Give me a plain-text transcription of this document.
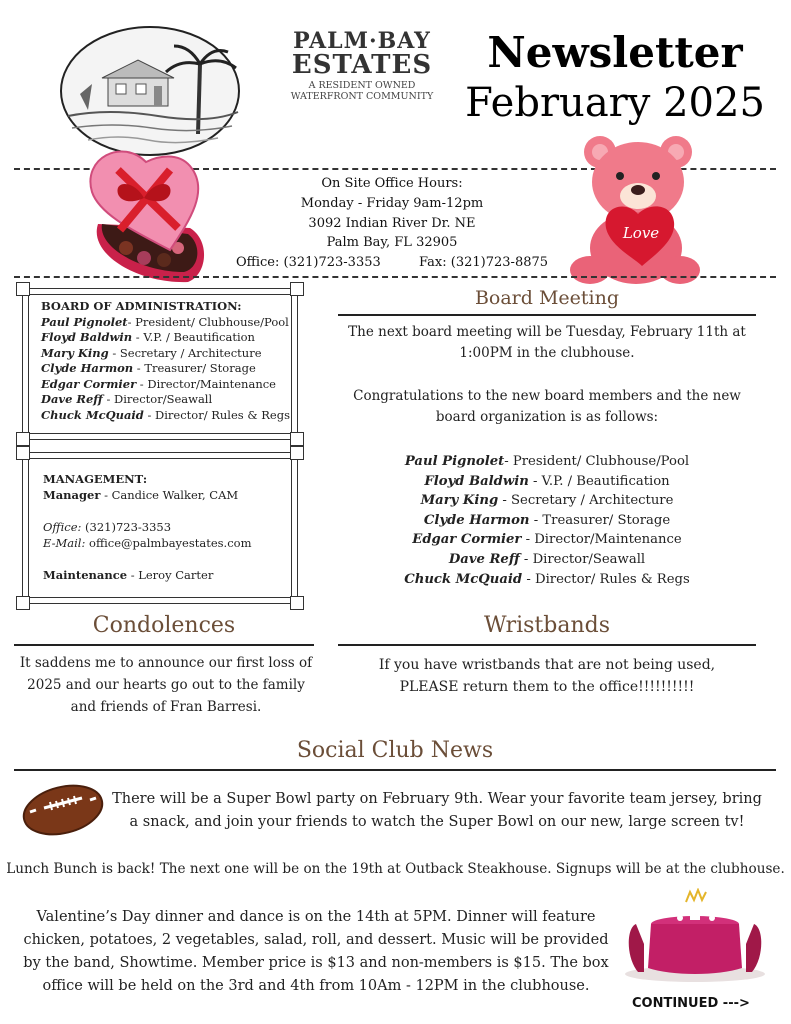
PALM·BAY
ESTATES
A RESIDENT OWNED
WATERFRONT COMMUNITY
Newsletter
February 2025
Love
On Site Office Hours:
Monday - Friday 9am-12pm
3092 Indian River Dr. NE
Palm Bay, FL 32905
Office: (321)723-3353	Fax: (321)723-8875
BOARD OF ADMINISTRATION:
Paul Pignolet- President/ Clubhouse/Pool
Floyd Baldwin - V.P. / Beautification
Mary King - Secretary / Architecture
Clyde Harmon - Treasurer/ Storage
Edgar Cormier - Director/Maintenance
Dave Reff - Director/Seawall
Chuck McQuaid - Director/ Rules & Regs
MANAGEMENT:
Manager - Candice Walker, CAM
Office: (321)723-3353
E-Mail: office@palmbayestates.com
Maintenance - Leroy Carter
Board Meeting
The next board meeting will be Tuesday, February 11th at 1:00PM in the clubhouse.
Congratulations to the new board members and the new board organization is as follows:
Paul Pignolet- President/ Clubhouse/Pool
Floyd Baldwin - V.P. / Beautification
Mary King - Secretary / Architecture
Clyde Harmon - Treasurer/ Storage
Edgar Cormier - Director/Maintenance
Dave Reff - Director/Seawall
Chuck McQuaid - Director/ Rules & Regs
Condolences
It saddens me to announce our first loss of 2025 and our hearts go out to the family and friends of Fran Barresi.
Wristbands
If you have wristbands that are not being used, PLEASE return them to the office!!!!!!!!!!
Social Club News
There will be a Super Bowl party on February 9th. Wear your favorite team jersey, bring a snack, and join your friends to watch the Super Bowl on our new, large screen tv!
Lunch Bunch is back! The next one will be on the 19th at Outback Steakhouse. Signups will be at the clubhouse.
Valentine’s Day dinner and dance is on the 14th at 5PM. Dinner will feature chicken, potatoes, 2 vegetables, salad, roll, and dessert. Music will be provided by the band, Showtime. Member price is $13 and non-members is $15. The box office will be held on the 3rd and 4th from 10Am - 12PM in the clubhouse.
CONTINUED --->
